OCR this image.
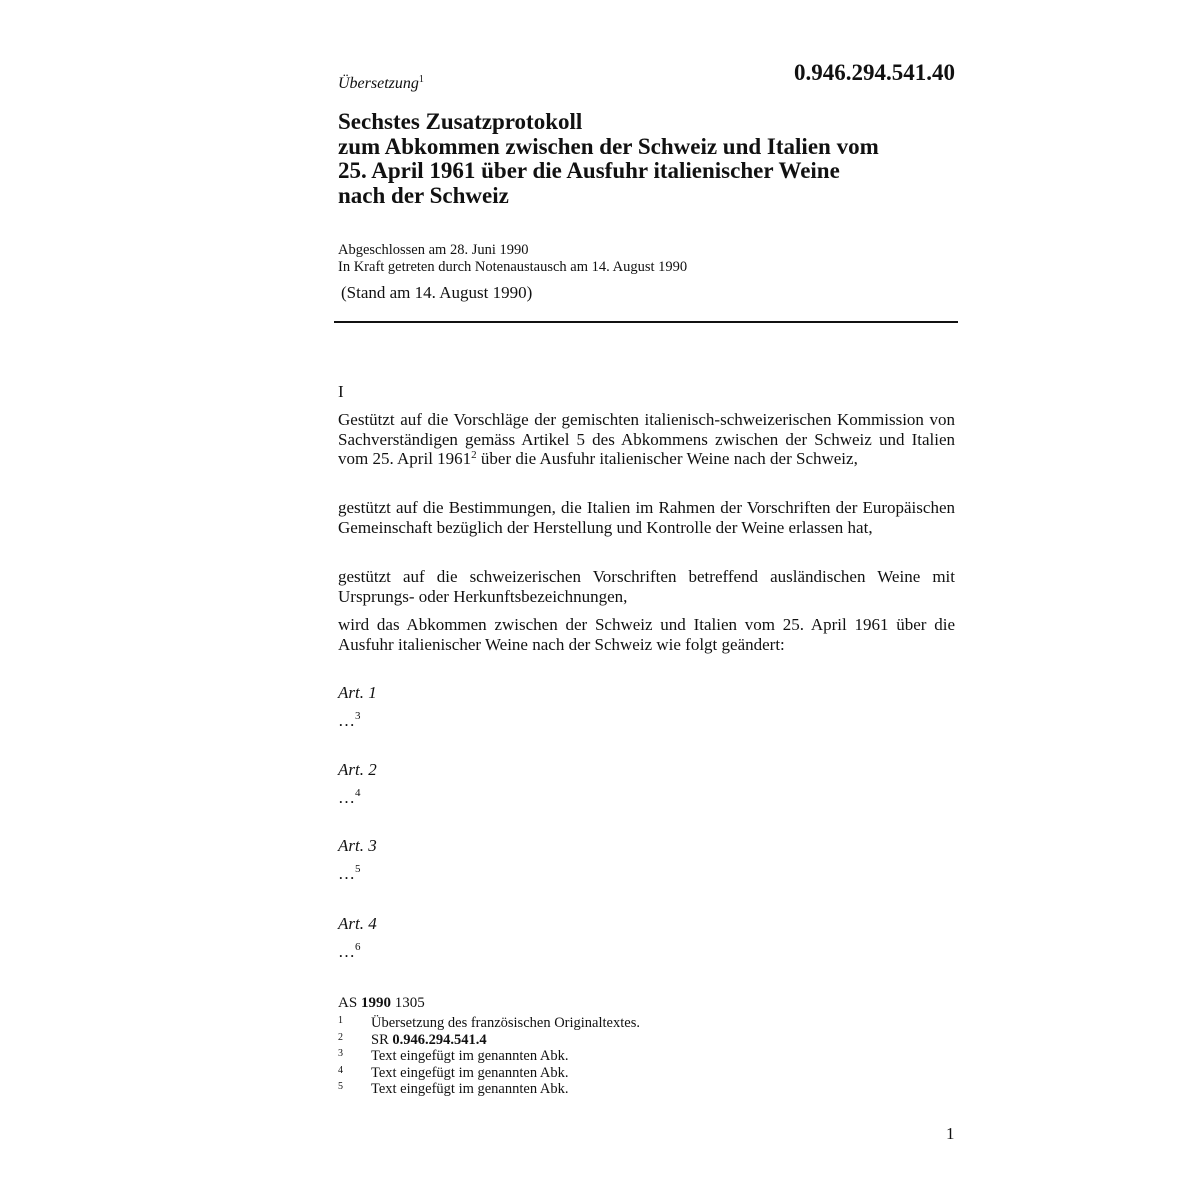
Übersetzung$^1$	0.946.294.541.40
Sechstes Zusatzprotokoll
zum Abkommen zwischen der Schweiz und Italien vom
25. April 1961 über die Ausfuhr italienischer Weine
nach der Schweiz
Abgeschlossen am 28. Juni 1990
In Kraft getreten durch Notenaustausch am 14. August 1990
(Stand am 14. August 1990)
I
Gestützt auf die Vorschläge der gemischten italienisch-schweizerischen Kommission von Sachverständigen gemäss Artikel 5 des Abkommens zwischen der Schweiz und Italien vom 25. April 1961$^2$ über die Ausfuhr italienischer Weine nach der Schweiz,
gestützt auf die Bestimmungen, die Italien im Rahmen der Vorschriften der Europäischen Gemeinschaft bezüglich der Herstellung und Kontrolle der Weine erlassen hat,
gestützt auf die schweizerischen Vorschriften betreffend ausländischen Weine mit Ursprungs- oder Herkunftsbezeichnungen,
wird das Abkommen zwischen der Schweiz und Italien vom 25. April 1961 über die Ausfuhr italienischer Weine nach der Schweiz wie folgt geändert:
Art. 1
…$^3$
Art. 2
…$^4$
Art. 3
…$^5$
Art. 4
…$^6$
AS 1990 1305
1	Übersetzung des französischen Originaltextes.
2	SR 0.946.294.541.4
3	Text eingefügt im genannten Abk.
4	Text eingefügt im genannten Abk.
5	Text eingefügt im genannten Abk.
1
